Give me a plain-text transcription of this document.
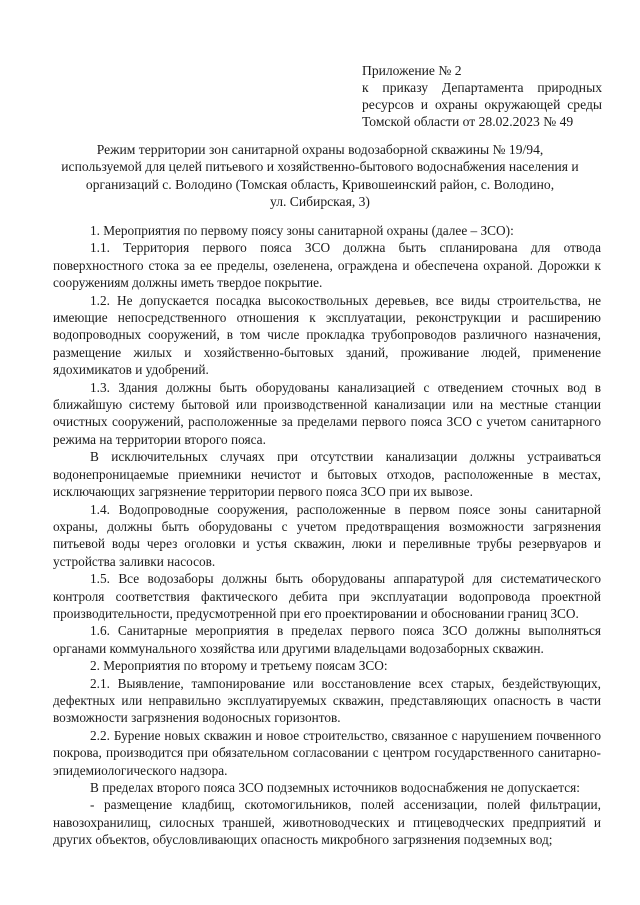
Приложение № 2
к приказу Департамента природных
ресурсов и охраны окружающей среды
Томской области от 28.02.2023 № 49
Режим территории зон санитарной охраны водозаборной скважины № 19/94,
используемой для целей питьевого и хозяйственно-бытового водоснабжения населения и
организаций с. Володино (Томская область, Кривошеинский район, с. Володино,
ул. Сибирская, 3)

1. Мероприятия по первому поясу зоны санитарной охраны (далее – ЗСО):

1.1. Территория первого пояса ЗСО должна быть спланирована для отвода поверхностного стока за ее пределы, озеленена, ограждена и обеспечена охраной. Дорожки к сооружениям должны иметь твердое покрытие.

1.2. Не допускается посадка высокоствольных деревьев, все виды строительства, не имеющие непосредственного отношения к эксплуатации, реконструкции и расширению водопроводных сооружений, в том числе прокладка трубопроводов различного назначения, размещение жилых и хозяйственно-бытовых зданий, проживание людей, применение ядохимикатов и удобрений.

1.3. Здания должны быть оборудованы канализацией с отведением сточных вод в ближайшую систему бытовой или производственной канализации или на местные станции очистных сооружений, расположенные за пределами первого пояса ЗСО с учетом санитарного режима на территории второго пояса.

В исключительных случаях при отсутствии канализации должны устраиваться водонепроницаемые приемники нечистот и бытовых отходов, расположенные в местах, исключающих загрязнение территории первого пояса ЗСО при их вывозе.

1.4. Водопроводные сооружения, расположенные в первом поясе зоны санитарной охраны, должны быть оборудованы с учетом предотвращения возможности загрязнения питьевой воды через оголовки и устья скважин, люки и переливные трубы резервуаров и устройства заливки насосов.

1.5. Все водозаборы должны быть оборудованы аппаратурой для систематического контроля соответствия фактического дебита при эксплуатации водопровода проектной производительности, предусмотренной при его проектировании и обосновании границ ЗСО.

1.6. Санитарные мероприятия в пределах первого пояса ЗСО должны выполняться органами коммунального хозяйства или другими владельцами водозаборных скважин.

2. Мероприятия по второму и третьему поясам ЗСО:

2.1. Выявление, тампонирование или восстановление всех старых, бездействующих, дефектных или неправильно эксплуатируемых скважин, представляющих опасность в части возможности загрязнения водоносных горизонтов.

2.2. Бурение новых скважин и новое строительство, связанное с нарушением почвенного покрова, производится при обязательном согласовании с центром государственного санитарно-эпидемиологического надзора.

В пределах второго пояса ЗСО подземных источников водоснабжения не допускается:

- размещение кладбищ, скотомогильников, полей ассенизации, полей фильтрации, навозохранилищ, силосных траншей, животноводческих и птицеводческих предприятий и других объектов, обусловливающих опасность микробного загрязнения подземных вод;
